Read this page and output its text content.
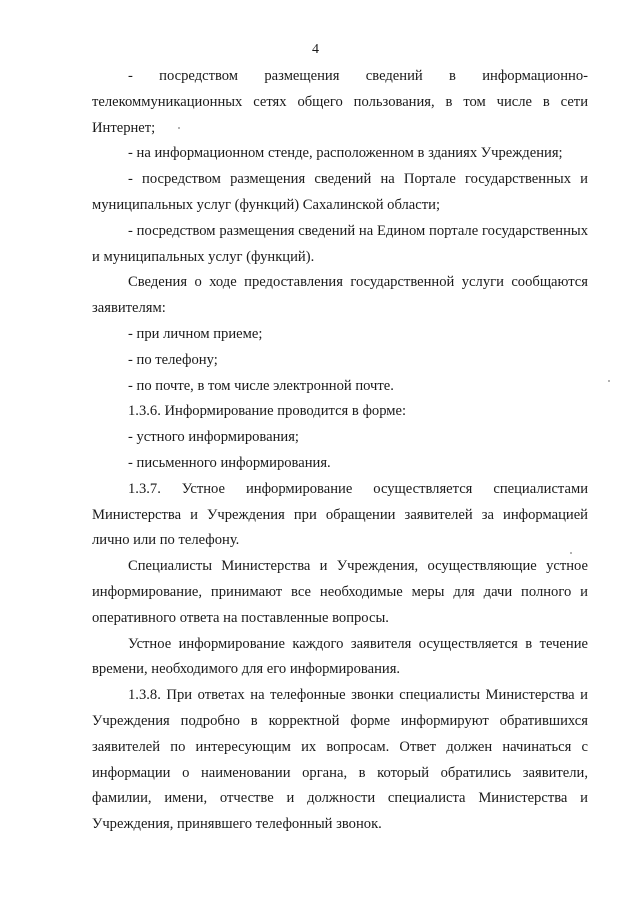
4

- посредством размещения сведений в информационно-телекоммуникационных сетях общего пользования, в том числе в сети Интернет;

- на информационном стенде, расположенном в зданиях Учреждения;

- посредством размещения сведений на Портале государственных и муниципальных услуг (функций) Сахалинской области;

- посредством размещения сведений на Едином портале государственных и муниципальных услуг (функций).

Сведения о ходе предоставления государственной услуги сообщаются заявителям:

- при личном приеме;

- по телефону;

- по почте, в том числе электронной почте.

1.3.6. Информирование проводится в форме:

- устного информирования;

- письменного информирования.

1.3.7. Устное информирование осуществляется специалистами Министерства и Учреждения при обращении заявителей за информацией лично или по телефону.

Специалисты Министерства и Учреждения, осуществляющие устное информирование, принимают все необходимые меры для дачи полного и оперативного ответа на поставленные вопросы.

Устное информирование каждого заявителя осуществляется в течение времени, необходимого для его информирования.

1.3.8. При ответах на телефонные звонки специалисты Министерства и Учреждения подробно в корректной форме информируют обратившихся заявителей по интересующим их вопросам. Ответ должен начинаться с информации о наименовании органа, в который обратились заявители, фамилии, имени, отчестве и должности специалиста Министерства и Учреждения, принявшего телефонный звонок.
